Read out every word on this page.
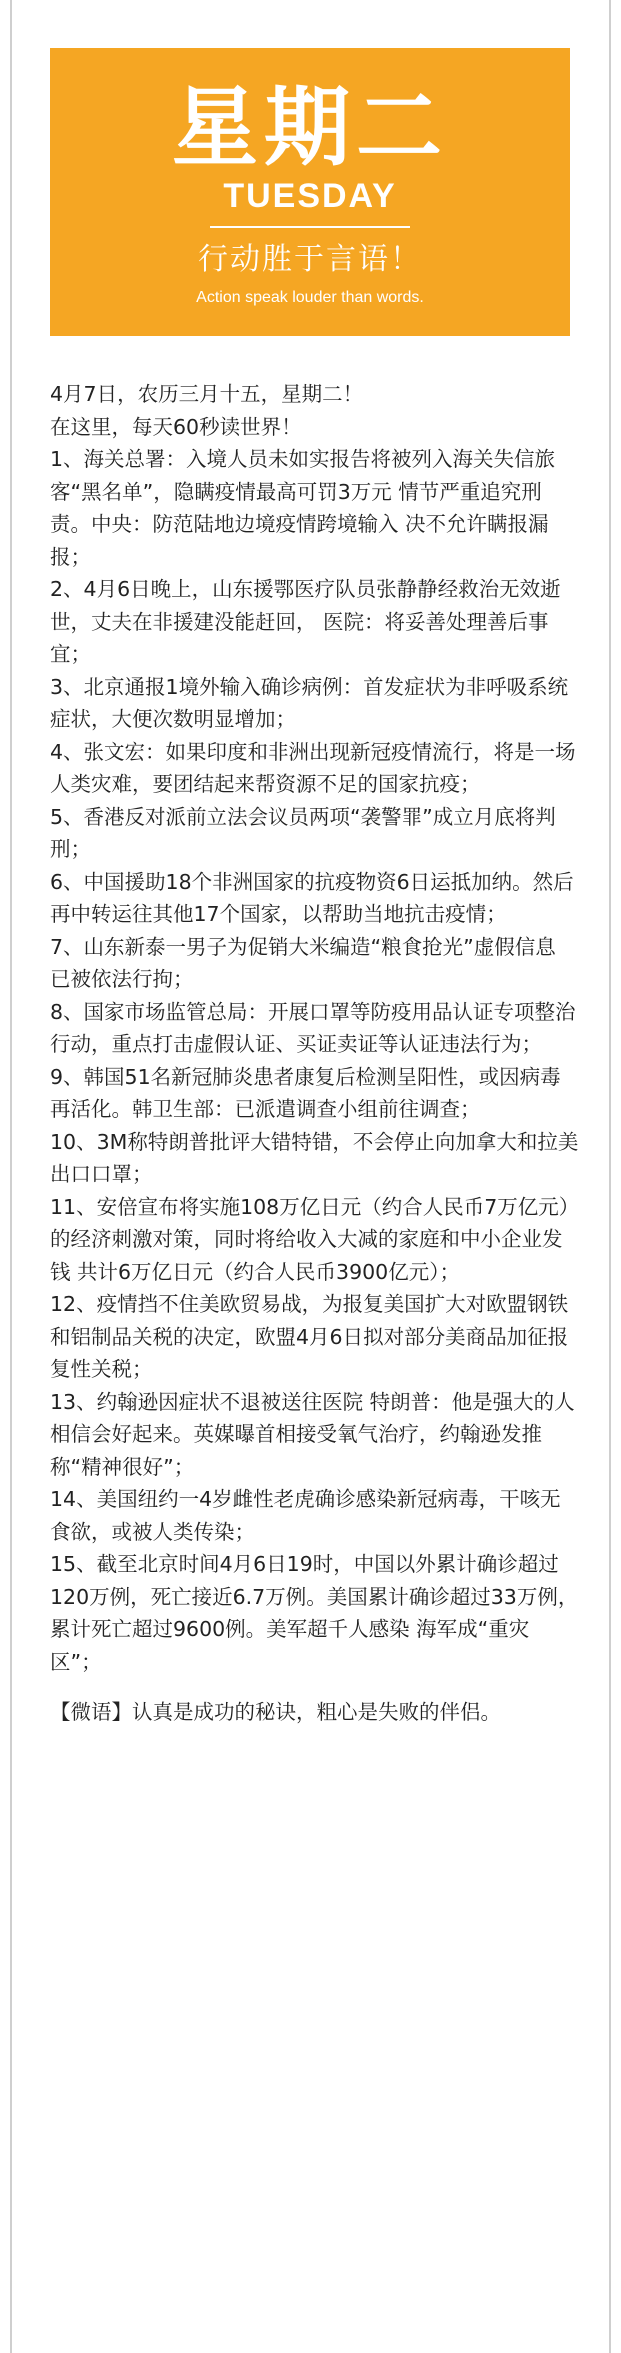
星期二
TUESDAY
行动胜于言语！
Action speak louder than words.

4月7日，农历三月十五，星期二！

在这里，每天60秒读世界！

1、海关总署：入境人员未如实报告将被列入海关失信旅客“黑名单”，隐瞒疫情最高可罚3万元 情节严重追究刑责。中央：防范陆地边境疫情跨境输入 决不允许瞒报漏报；

2、4月6日晚上，山东援鄂医疗队员张静静经救治无效逝世，丈夫在非援建没能赶回， 医院：将妥善处理善后事宜；

3、北京通报1境外输入确诊病例：首发症状为非呼吸系统症状，大便次数明显增加；

4、张文宏：如果印度和非洲出现新冠疫情流行，将是一场人类灾难，要团结起来帮资源不足的国家抗疫；

5、香港反对派前立法会议员两项“袭警罪”成立月底将判刑；

6、中国援助18个非洲国家的抗疫物资6日运抵加纳。然后再中转运往其他17个国家，以帮助当地抗击疫情；

7、山东新泰一男子为促销大米编造“粮食抢光”虚假信息 已被依法行拘；

8、国家市场监管总局：开展口罩等防疫用品认证专项整治行动，重点打击虚假认证、买证卖证等认证违法行为；

9、韩国51名新冠肺炎患者康复后检测呈阳性，或因病毒再活化。韩卫生部：已派遣调查小组前往调查；

10、3M称特朗普批评大错特错，不会停止向加拿大和拉美出口口罩；

11、安倍宣布将实施108万亿日元（约合人民币7万亿元）的经济刺激对策，同时将给收入大减的家庭和中小企业发钱 共计6万亿日元（约合人民币3900亿元）；

12、疫情挡不住美欧贸易战，为报复美国扩大对欧盟钢铁和铝制品关税的决定，欧盟4月6日拟对部分美商品加征报复性关税；

13、约翰逊因症状不退被送往医院 特朗普：他是强大的人 相信会好起来。英媒曝首相接受氧气治疗，约翰逊发推称“精神很好”；

14、美国纽约一4岁雌性老虎确诊感染新冠病毒，干咳无食欲，或被人类传染；

15、截至北京时间4月6日19时，中国以外累计确诊超过120万例，死亡接近6.7万例。美国累计确诊超过33万例，累计死亡超过9600例。美军超千人感染 海军成“重灾区”；

【微语】认真是成功的秘诀，粗心是失败的伴侣。
